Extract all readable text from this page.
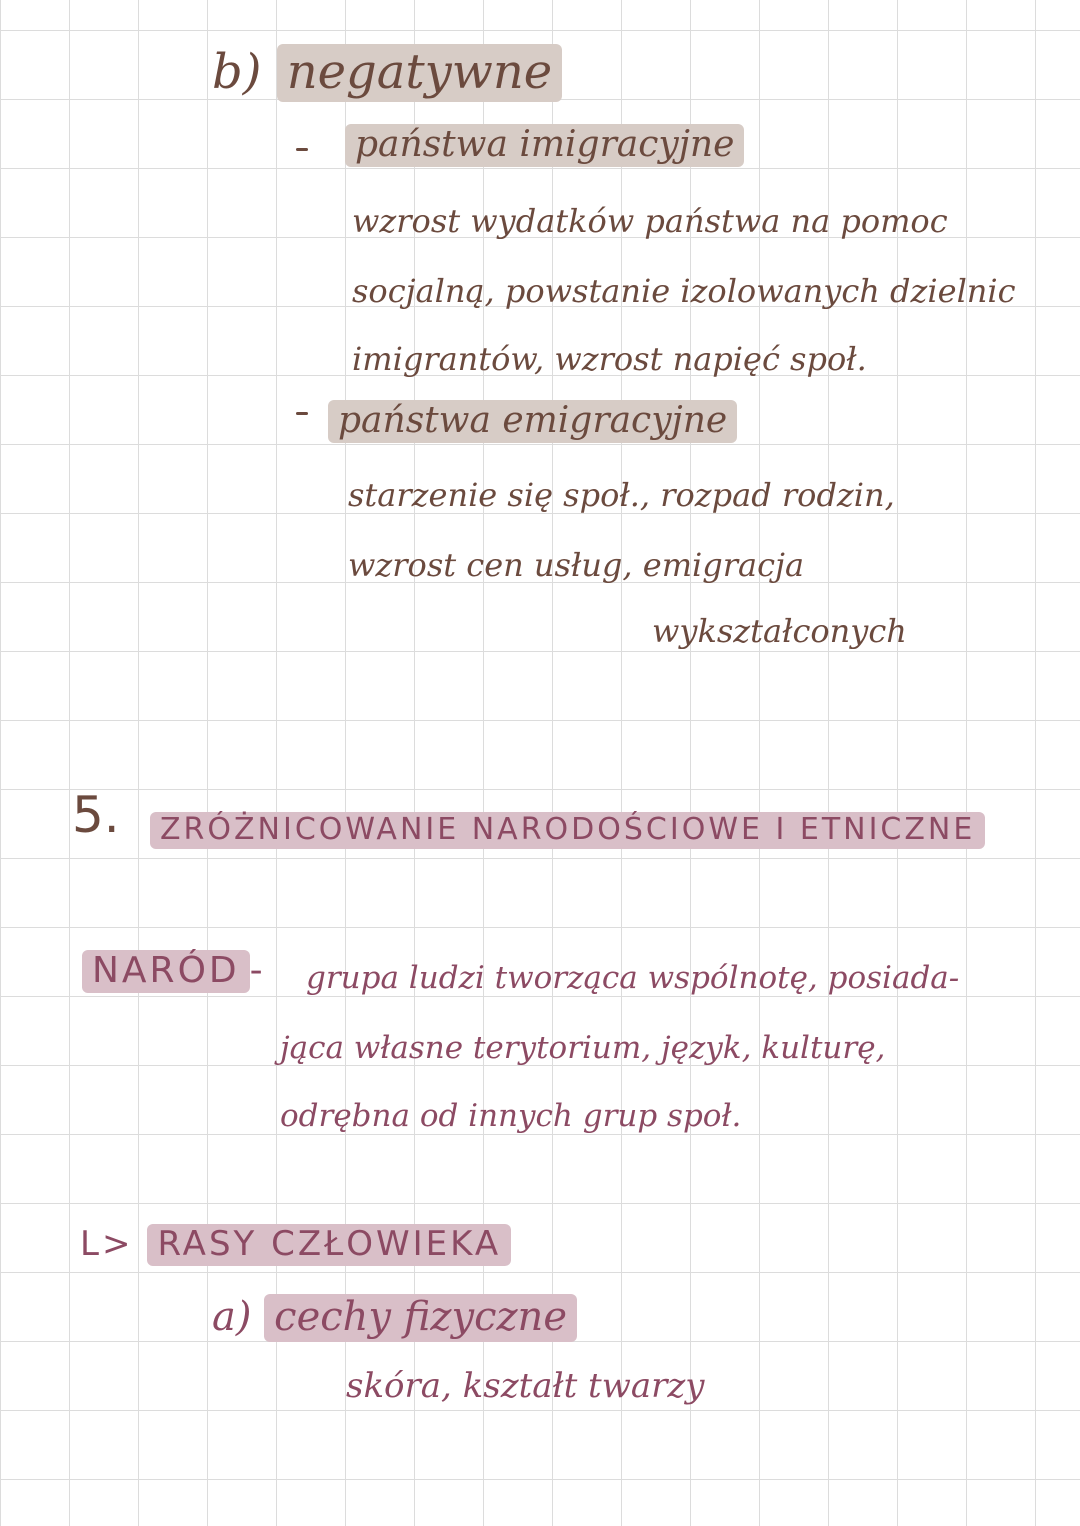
b) negatywne
państwa imigracyjne
wzrost wydatków państwa na pomoc
socjalną, powstanie izolowanych dzielnic
imigrantów, wzrost napięć społ.
państwa emigracyjne
starzenie się społ., rozpad rodzin,
wzrost cen usług, emigracja
wykształconych
5.	ZRÓŻNICOWANIE NARODOŚCIOWE I ETNICZNE
NARÓD - grupa ludzi tworząca wspólnotę, posiada-
jąca własne terytorium, język, kulturę,
odrębna od innych grup społ.
L> RASY CZŁOWIEKA
a) cechy fizyczne
skóra, kształt twarzy
